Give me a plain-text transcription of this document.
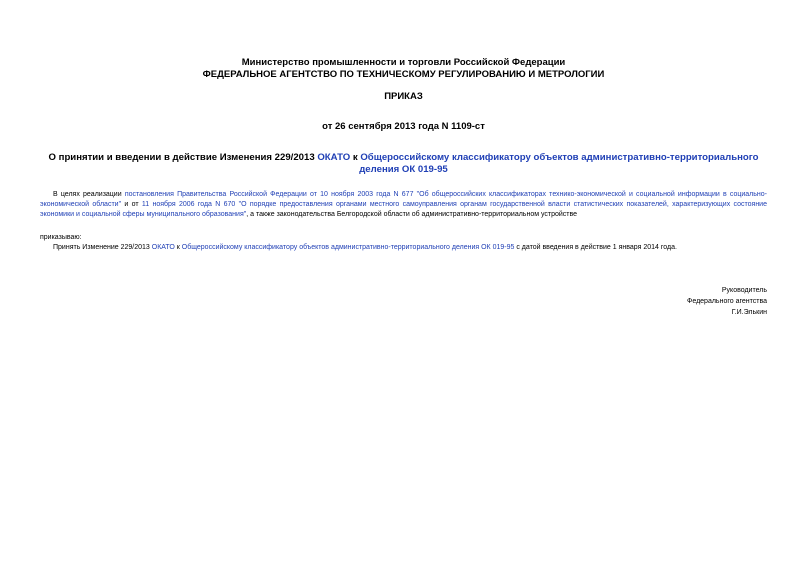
Министерство промышленности и торговли Российской Федерации
ФЕДЕРАЛЬНОЕ АГЕНТСТВО ПО ТЕХНИЧЕСКОМУ РЕГУЛИРОВАНИЮ И МЕТРОЛОГИИ
ПРИКАЗ
от 26 сентября 2013 года N 1109-ст
О принятии и введении в действие Изменения 229/2013 ОКАТО к Общероссийскому классификатору объектов административно-территориального деления ОК 019-95
В целях реализации постановления Правительства Российской Федерации от 10 ноября 2003 года N 677 "Об общероссийских классификаторах технико-экономической и социальной информации в социально-экономической области" и от 11 ноября 2006 года N 670 "О порядке предоставления органами местного самоуправления органам государственной власти статистических показателей, характеризующих состояние экономики и социальной сферы муниципального образования", а также законодательства Белгородской области об административно-территориальном устройстве
приказываю:
Принять Изменение 229/2013 ОКАТО к Общероссийскому классификатору объектов административно-территориального деления ОК 019-95 с датой введения в действие 1 января 2014 года.
Руководитель
Федерального агентства
Г.И.Элькин
